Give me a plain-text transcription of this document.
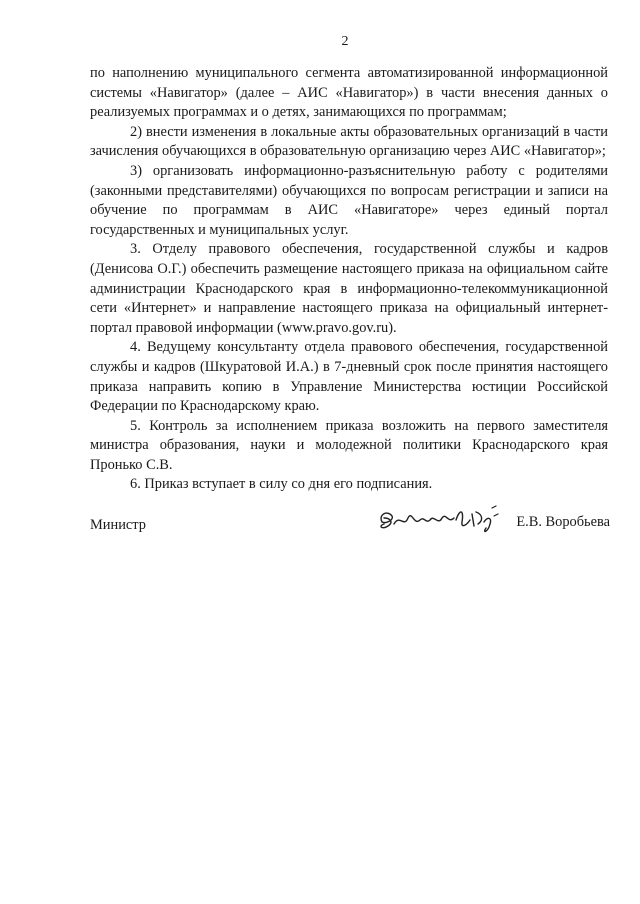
2

по наполнению муниципального сегмента автоматизированной информационной системы «Навигатор» (далее – АИС «Навигатор») в части внесения данных о реализуемых программах и о детях, занимающихся по программам;

2) внести изменения в локальные акты образовательных организаций в части зачисления обучающихся в образовательную организацию через АИС «Навигатор»;

3) организовать информационно-разъяснительную работу с родителями (законными представителями) обучающихся по вопросам регистрации и записи на обучение по программам в АИС «Навигаторе» через единый портал государственных и муниципальных услуг.

3. Отделу правового обеспечения, государственной службы и кадров (Денисова О.Г.) обеспечить размещение настоящего приказа на официальном сайте администрации Краснодарского края в информационно-телекоммуникационной сети «Интернет» и направление настоящего приказа на официальный интернет-портал правовой информации (www.pravo.gov.ru).

4. Ведущему консультанту отдела правового обеспечения, государственной службы и кадров (Шкуратовой И.А.) в 7-дневный срок после принятия настоящего приказа направить копию в Управление Министерства юстиции Российской Федерации по Краснодарскому краю.

5. Контроль за исполнением приказа возложить на первого заместителя министра образования, науки и молодежной политики Краснодарского края Пронько С.В.

6. Приказ вступает в силу со дня его подписания.

Министр	Е.В. Воробьева
